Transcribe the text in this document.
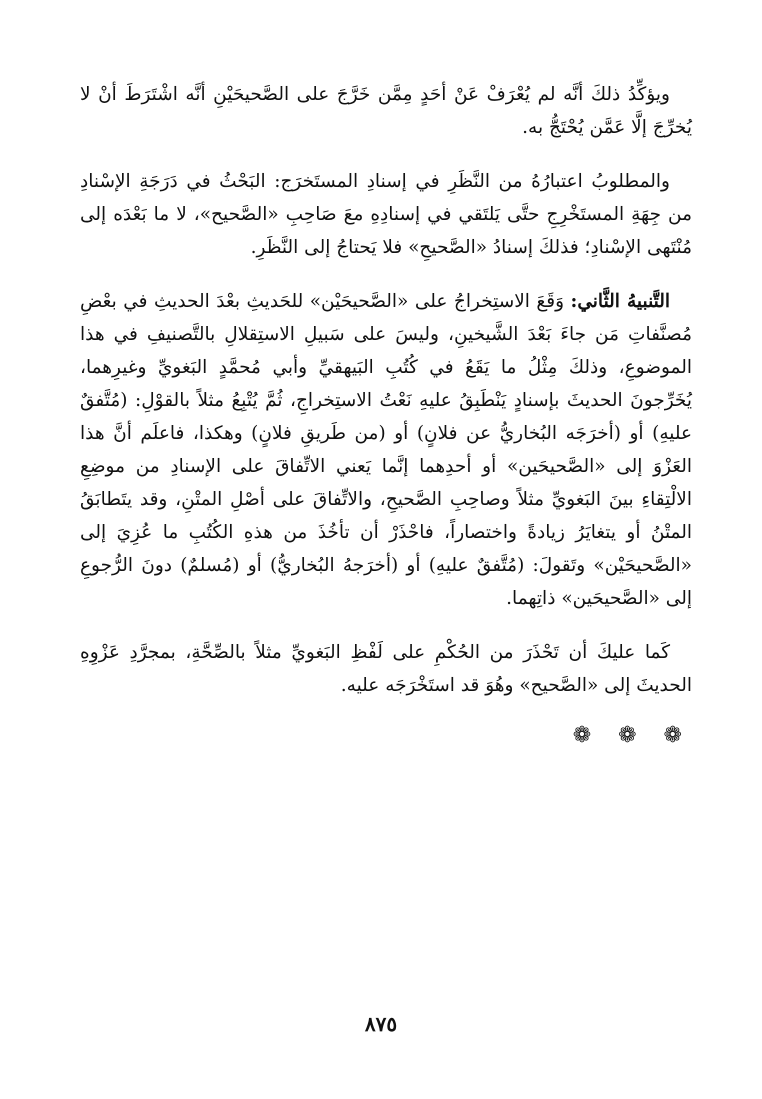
ويؤكِّدُ ذلكَ أنَّه لم يُعْرَفْ عَنْ أحَدٍ مِمَّن خَرَّجَ على الصَّحيحَيْنِ أنَّه اشْتَرَطَ أنْ لا يُخرِّجَ إلَّا عَمَّن يُحْتَجُّ به.

والمطلوبُ اعتبارُهُ من النَّظَرِ في إسنادِ المستَخرَج: البَحْثُ في دَرَجَةِ الإسْنادِ من جِهَةِ المستَخْرِجِ حتَّى يَلتَقي في إسنادِهِ معَ صَاحِبِ «الصَّحيح»، لا ما بَعْدَه إلى مُنْتَهى الإسْنادِ؛ فذلكَ إسنادُ «الصَّحيحِ» فلا يَحتاجُ إلى النَّظَرِ.

التَّنبيهُ الثَّاني: وَقَعَ الاستِخراجُ على «الصَّحيحَيْن» للحَديثِ بعْدَ الحديثِ في بعْضِ مُصنَّفاتِ مَن جاءَ بَعْدَ الشَّيخينِ، وليسَ على سَبيلِ الاستِقلالِ بالتَّصنيفِ في هذا الموضوعِ، وذلكَ مِثْلُ ما يَقَعُ في كُتُبِ البَيهقيِّ وأبي مُحمَّدٍ البَغويِّ وغيرِهما، يُخَرِّجونَ الحديثَ بإسنادٍ يَنْطَبِقُ عليهِ نَعْتُ الاستِخراجِ، ثُمَّ يُتْبِعُ مثلاً بالقوْلِ: (مُتَّفقٌ عليهِ) أو (أخرَجَه البُخاريُّ عن فلانٍ) أو (من طَريقِ فلانٍ) وهكذا، فاعلَم أنَّ هذا العَزْوَ إلى «الصَّحيحَين» أو أحدِهما إنَّما يَعني الاتِّفاقَ على الإسنادِ من موضِعِ الالْتِقاءِ بينَ البَغويِّ مثلاً وصاحِبِ الصَّحيحِ، والاتِّفاقَ على أصْلِ المتْنِ، وقد يتَطابَقُ المتْنُ أو يتغايَرُ زيادةً واختصاراً، فاحْذَرْ أن تأخُذَ من هذهِ الكُتُبِ ما عُزِيَ إلى «الصَّحيحَيْن» وتَقولَ: (مُتَّفقٌ عليهِ) أو (أخرَجهُ البُخاريُّ) أو (مُسلمٌ) دونَ الرُّجوعِ إلى «الصَّحيحَين» ذاتِهما.

كَما عليكَ أن تَحْذَرَ من الحُكْمِ على لَفْظِ البَغويِّ مثلاً بالصِّحَّةِ، بمجرَّدِ عَزْوِهِ الحديثَ إلى «الصَّحيح» وهُوَ قد استَخْرَجَه عليه.

❁ ❁ ❁
٨٧٥
